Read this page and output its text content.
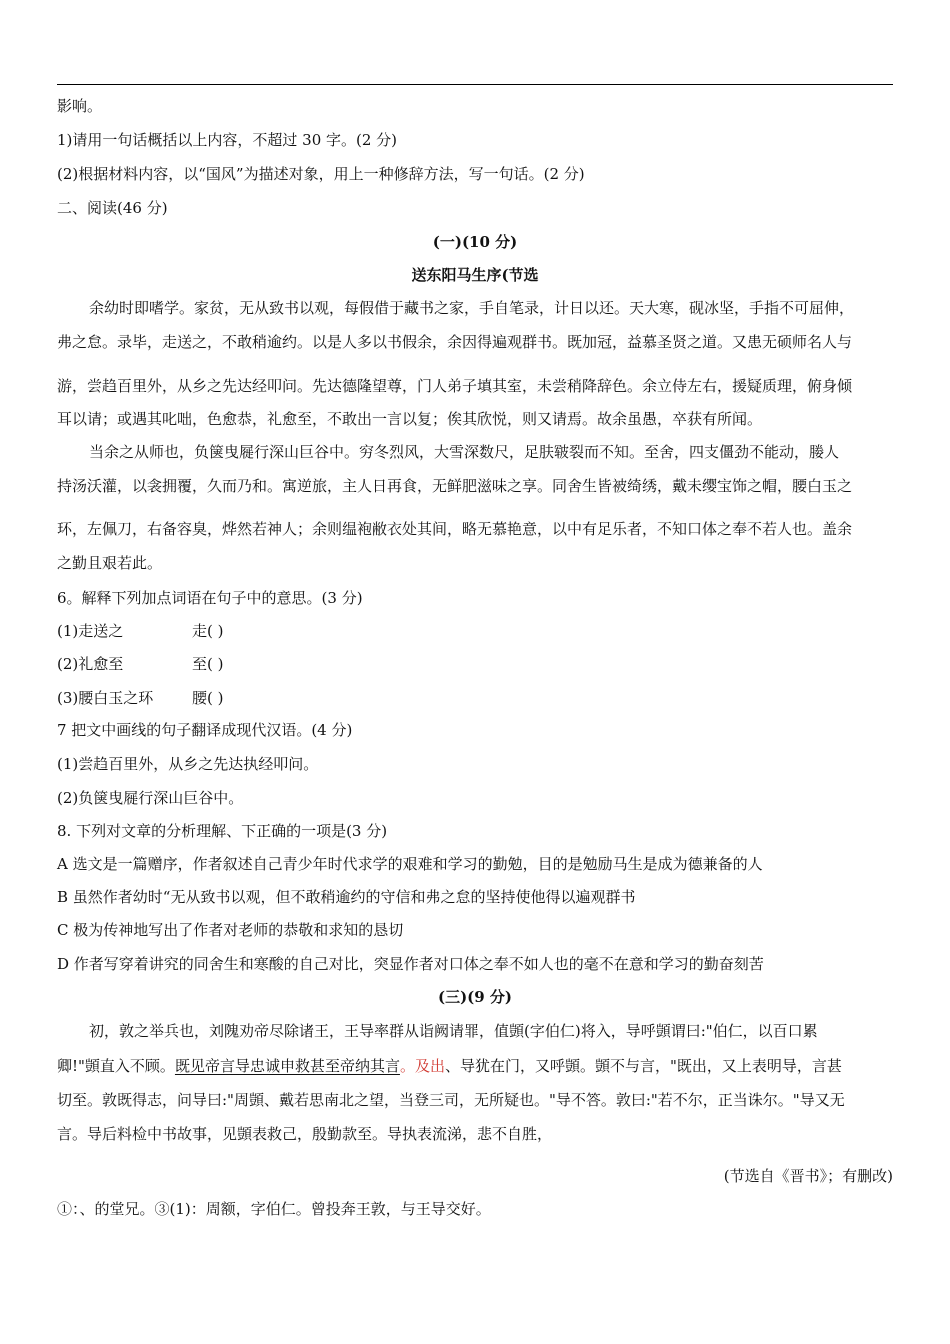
影响。
1)请用一句话概括以上内容，不超过 30 字。(2 分)
(2)根据材料内容，以“国风”为描述对象，用上一种修辞方法，写一句话。(2 分)
二、阅读(46 分)
(一)(10 分)
送东阳马生序(节选
余幼时即嗜学。家贫，无从致书以观，每假借于藏书之家，手自笔录，计日以还。天大寒，砚冰坚，手指不可屈伸，
弗之怠。录毕，走送之，不敢稍逾约。以是人多以书假余，余因得遍观群书。既加冠，益慕圣贤之道。又患无硕师名人与
游，尝趋百里外，从乡之先达经叩问。先达德隆望尊，门人弟子填其室，未尝稍降辞色。余立侍左右，援疑质理，俯身倾
耳以请；或遇其叱咄，色愈恭，礼愈至，不敢出一言以复；俟其欣悦，则又请焉。故余虽愚，卒获有所闻。
当余之从师也，负箧曳屣行深山巨谷中。穷冬烈风，大雪深数尺，足肤皲裂而不知。至舍，四支僵劲不能动，媵人
持汤沃灌，以衾拥覆，久而乃和。寓逆旅，主人日再食，无鲜肥滋味之享。同舍生皆被绮绣，戴未缨宝饰之帽，腰白玉之
环，左佩刀，右备容臭，烨然若神人；余则缊袍敝衣处其间，略无慕艳意，以中有足乐者，不知口体之奉不若人也。盖余
之勤且艰若此。
6。解释下列加点词语在句子中的意思。(3 分)
(1)走送之	走( )
(2)礼愈至	至( )
(3)腰白玉之环	腰( )
7 把文中画线的句子翻译成现代汉语。(4 分)
(1)尝趋百里外，从乡之先达执经叩问。
(2)负箧曳屣行深山巨谷中。
8. 下列对文章的分析理解、下正确的一项是(3 分)
A 选文是一篇赠序，作者叙述自己青少年时代求学的艰难和学习的勤勉，目的是勉励马生是成为德兼备的人
B 虽然作者幼时“无从致书以观，但不敢稍逾约的守信和弗之怠的坚持使他得以遍观群书
C 极为传神地写出了作者对老师的恭敬和求知的恳切
D 作者写穿着讲究的同舍生和寒酸的自己对比，突显作者对口体之奉不如人也的毫不在意和学习的勤奋刻苦
(三)(9 分)
初，敦之举兵也，刘隗劝帝尽除诸王，王导率群从诣阙请罪，值顗(字伯仁)将入，导呼顗谓曰:"伯仁，以百口累
卿!"顗直入不顾。既见帝言导忠诚申救甚至帝纳其言。及出、导犹在门，又呼顗。顗不与言，"既出，又上表明导，言甚
切至。敦既得志，问导曰:"周顗、戴若思南北之望，当登三司，无所疑也。"导不答。敦曰:"若不尔，正当诛尔。"导又无
言。导后料检中书故事，见顗表救己，殷勤款至。导执表流涕，悲不自胜，
(节选自《晋书》；有删改)
①：、的堂兄。③(1)：周额，字伯仁。曾投奔王敦，与王导交好。
